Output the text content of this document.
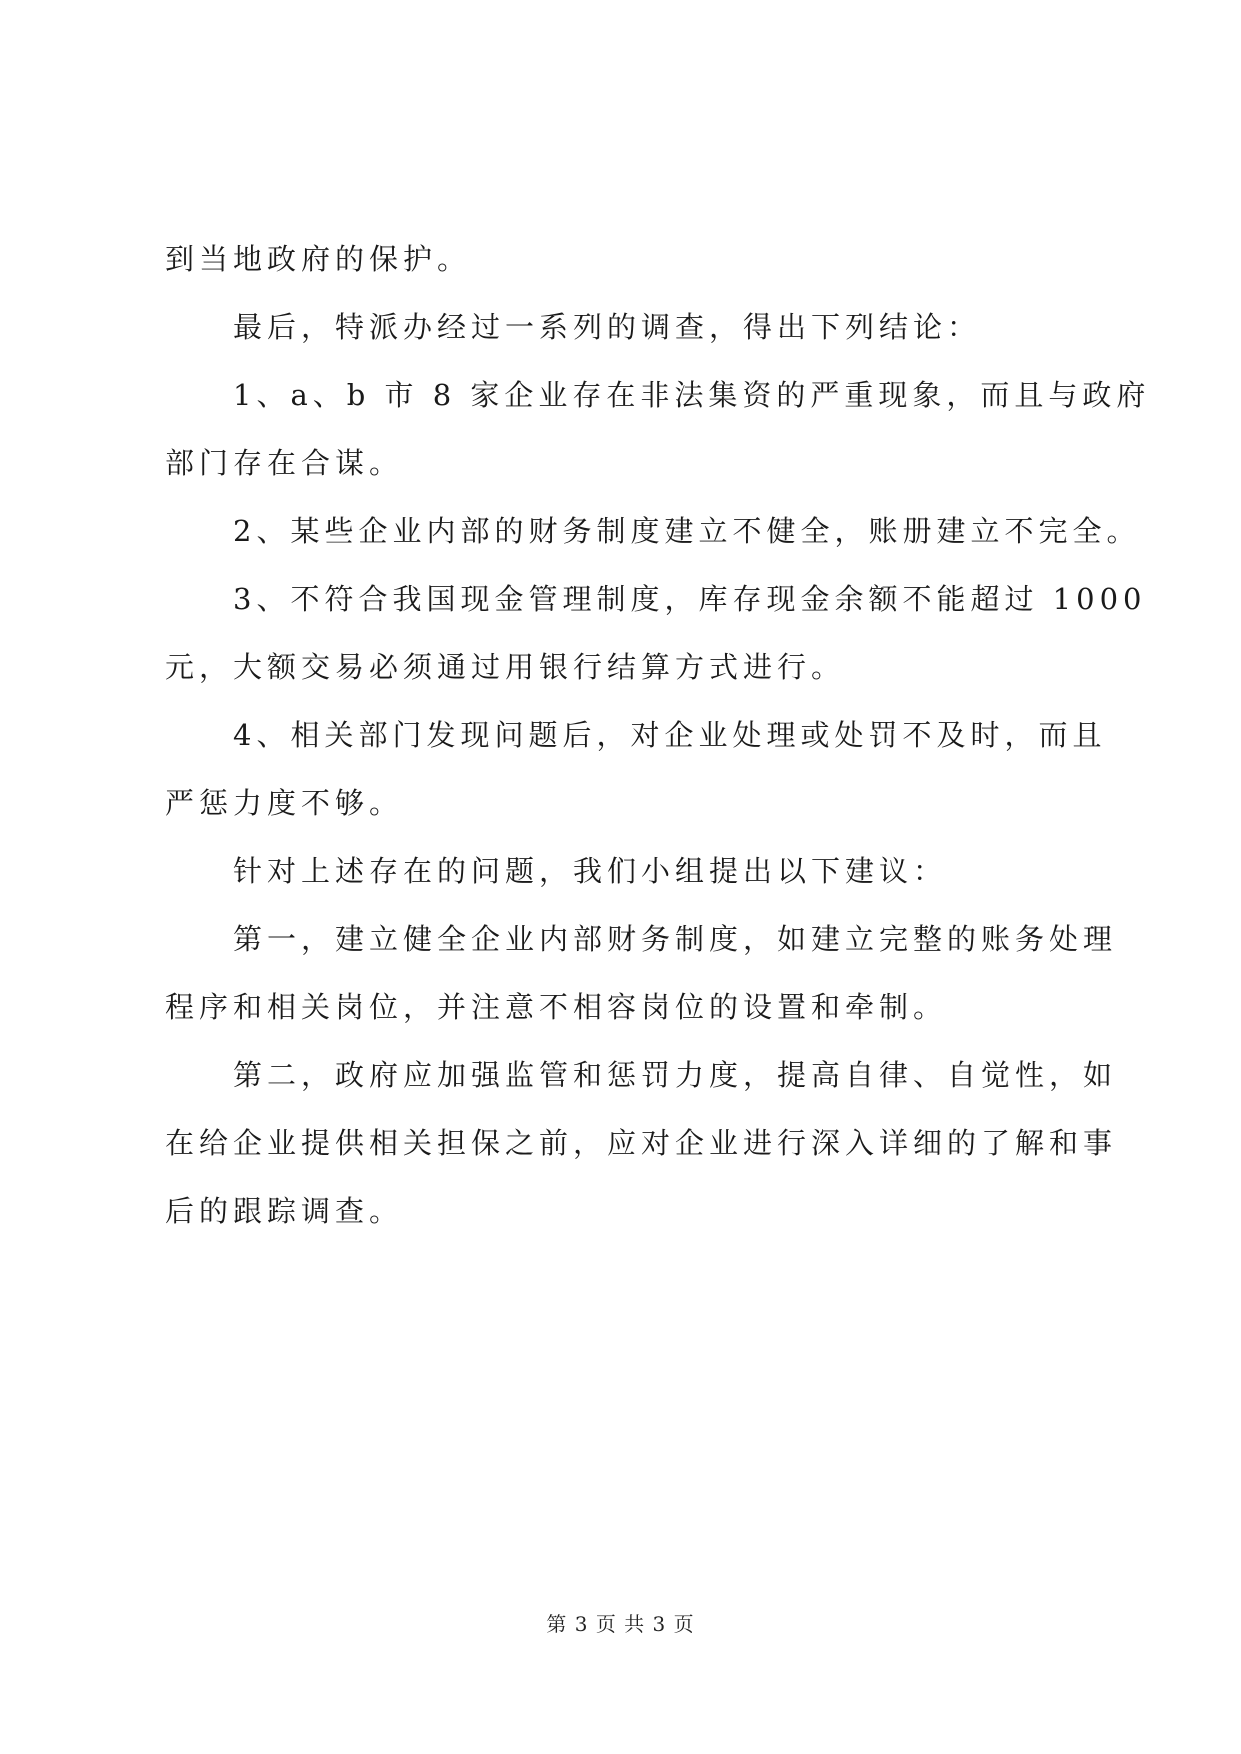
到当地政府的保护。

最后，特派办经过一系列的调查，得出下列结论：

1、a、b 市 8 家企业存在非法集资的严重现象，而且与政府

部门存在合谋。

2、某些企业内部的财务制度建立不健全，账册建立不完全。

3、不符合我国现金管理制度，库存现金余额不能超过 1000

元，大额交易必须通过用银行结算方式进行。

4、相关部门发现问题后，对企业处理或处罚不及时，而且

严惩力度不够。

针对上述存在的问题，我们小组提出以下建议：

第一，建立健全企业内部财务制度，如建立完整的账务处理

程序和相关岗位，并注意不相容岗位的设置和牵制。

第二，政府应加强监管和惩罚力度，提高自律、自觉性，如

在给企业提供相关担保之前，应对企业进行深入详细的了解和事

后的跟踪调查。

第 3 页 共 3 页
